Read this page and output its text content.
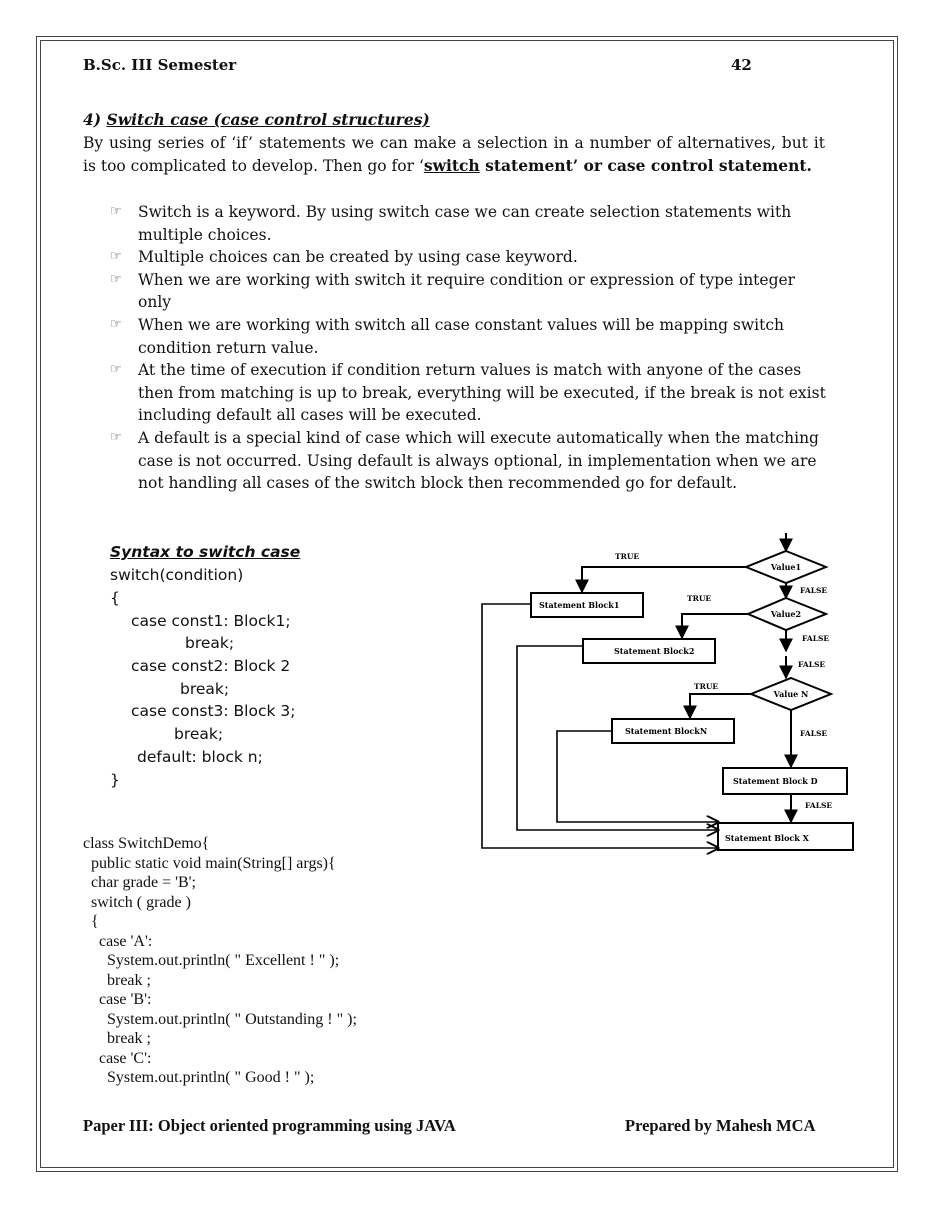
B.Sc. III Semester	42
4) Switch case (case control structures)

By using series of ‘if’ statements we can make a selection in a number of alternatives, but it is too complicated to develop. Then go for ‘switch statement’ or case control statement.

☞ Switch is a keyword. By using switch case we can create selection statements with multiple choices.
☞ Multiple choices can be created by using case keyword.
☞ When we are working with switch it require condition or expression of type integer only
☞ When we are working with switch all case constant values will be mapping switch condition return value.
☞ At the time of execution if condition return values is match with anyone of the cases then from matching is up to break, everything will be executed, if the break is not exist including default all cases will be executed.
☞ A default is a special kind of case which will execute automatically when the matching case is not occurred. Using default is always optional, in implementation when we are not handling all cases of the switch block then recommended go for default.
Syntax to switch case
switch(condition)
{
case const1: Block1;
break;
case const2: Block 2
break;
case const3: Block 3;
break;
default: block n;
}
Value1
Value2
Value N
Statement Block1
Statement Block2
Statement BlockN
Statement Block D
Statement Block X
TRUE
FALSE
TRUE
FALSE
FALSE
TRUE
FALSE
FALSE
class SwitchDemo{
public static void main(String[] args){
char grade = 'B';
switch ( grade )
{
case 'A':
System.out.println( " Excellent ! " );
break ;
case 'B':
System.out.println( " Outstanding ! " );
break ;
case 'C':
System.out.println( " Good ! " );
Paper III: Object oriented programming using JAVA	Prepared by Mahesh MCA
